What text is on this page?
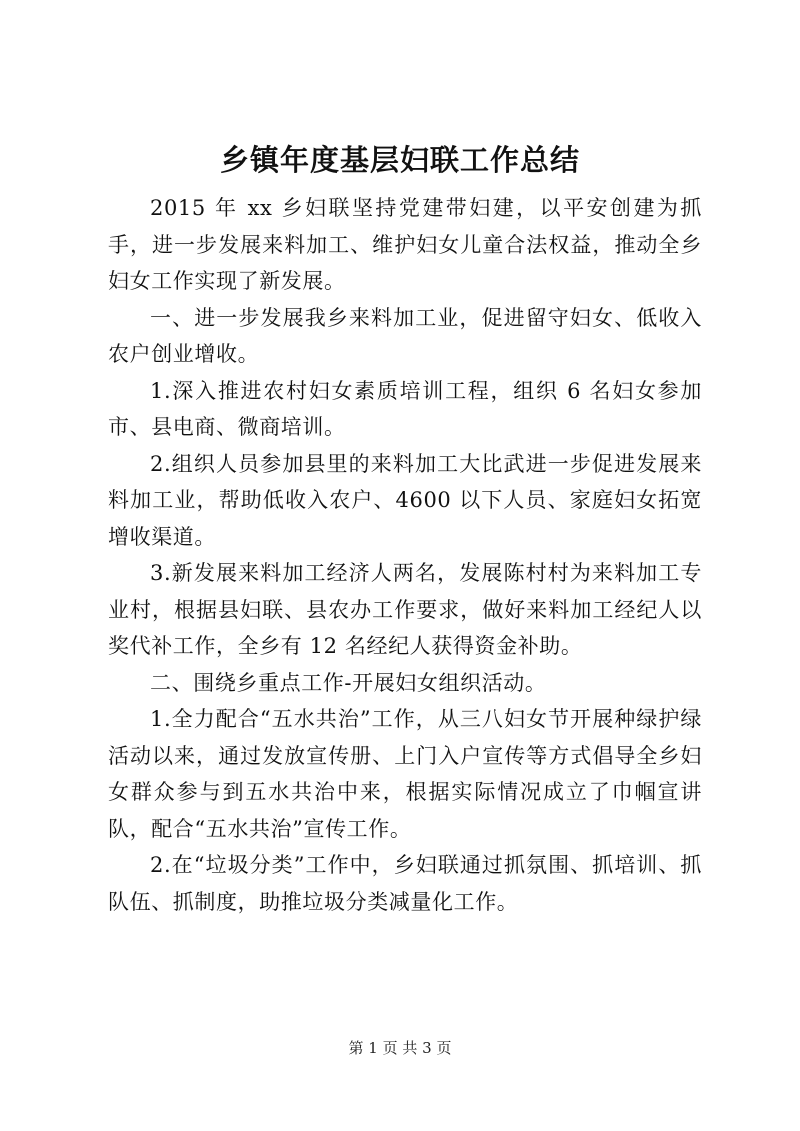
乡镇年度基层妇联工作总结

2015 年 xx 乡妇联坚持党建带妇建，以平安创建为抓手，进一步发展来料加工、维护妇女儿童合法权益，推动全乡妇女工作实现了新发展。

一、进一步发展我乡来料加工业，促进留守妇女、低收入农户创业增收。

1.深入推进农村妇女素质培训工程，组织 6 名妇女参加市、县电商、微商培训。

2.组织人员参加县里的来料加工大比武进一步促进发展来料加工业，帮助低收入农户、4600 以下人员、家庭妇女拓宽增收渠道。

3.新发展来料加工经济人两名，发展陈村村为来料加工专业村，根据县妇联、县农办工作要求，做好来料加工经纪人以奖代补工作，全乡有 12 名经纪人获得资金补助。

二、围绕乡重点工作-开展妇女组织活动。

1.全力配合“五水共治”工作，从三八妇女节开展种绿护绿活动以来，通过发放宣传册、上门入户宣传等方式倡导全乡妇女群众参与到五水共治中来，根据实际情况成立了巾帼宣讲队，配合“五水共治”宣传工作。

2.在“垃圾分类”工作中，乡妇联通过抓氛围、抓培训、抓队伍、抓制度，助推垃圾分类减量化工作。

第 1 页 共 3 页
